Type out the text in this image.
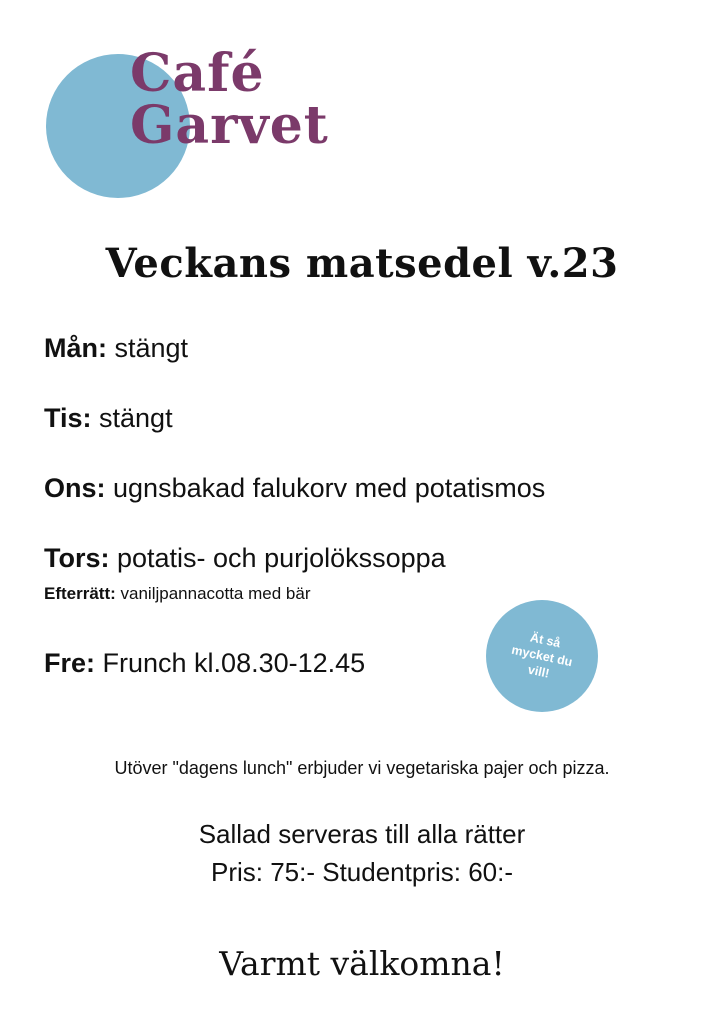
Café
Garvet
Veckans matsedel v.23
Mån: stängt
Tis: stängt
Ons: ugnsbakad falukorv med potatismos
Tors: potatis- och purjolökssoppa
Efterrätt: vaniljpannacotta med bär
Fre: Frunch kl.08.30-12.45
Ät så mycket du vill!

Utöver "dagens lunch" erbjuder vi vegetariska pajer och pizza.

Sallad serveras till alla rätter

Pris: 75:- Studentpris: 60:-

Varmt välkomna!
